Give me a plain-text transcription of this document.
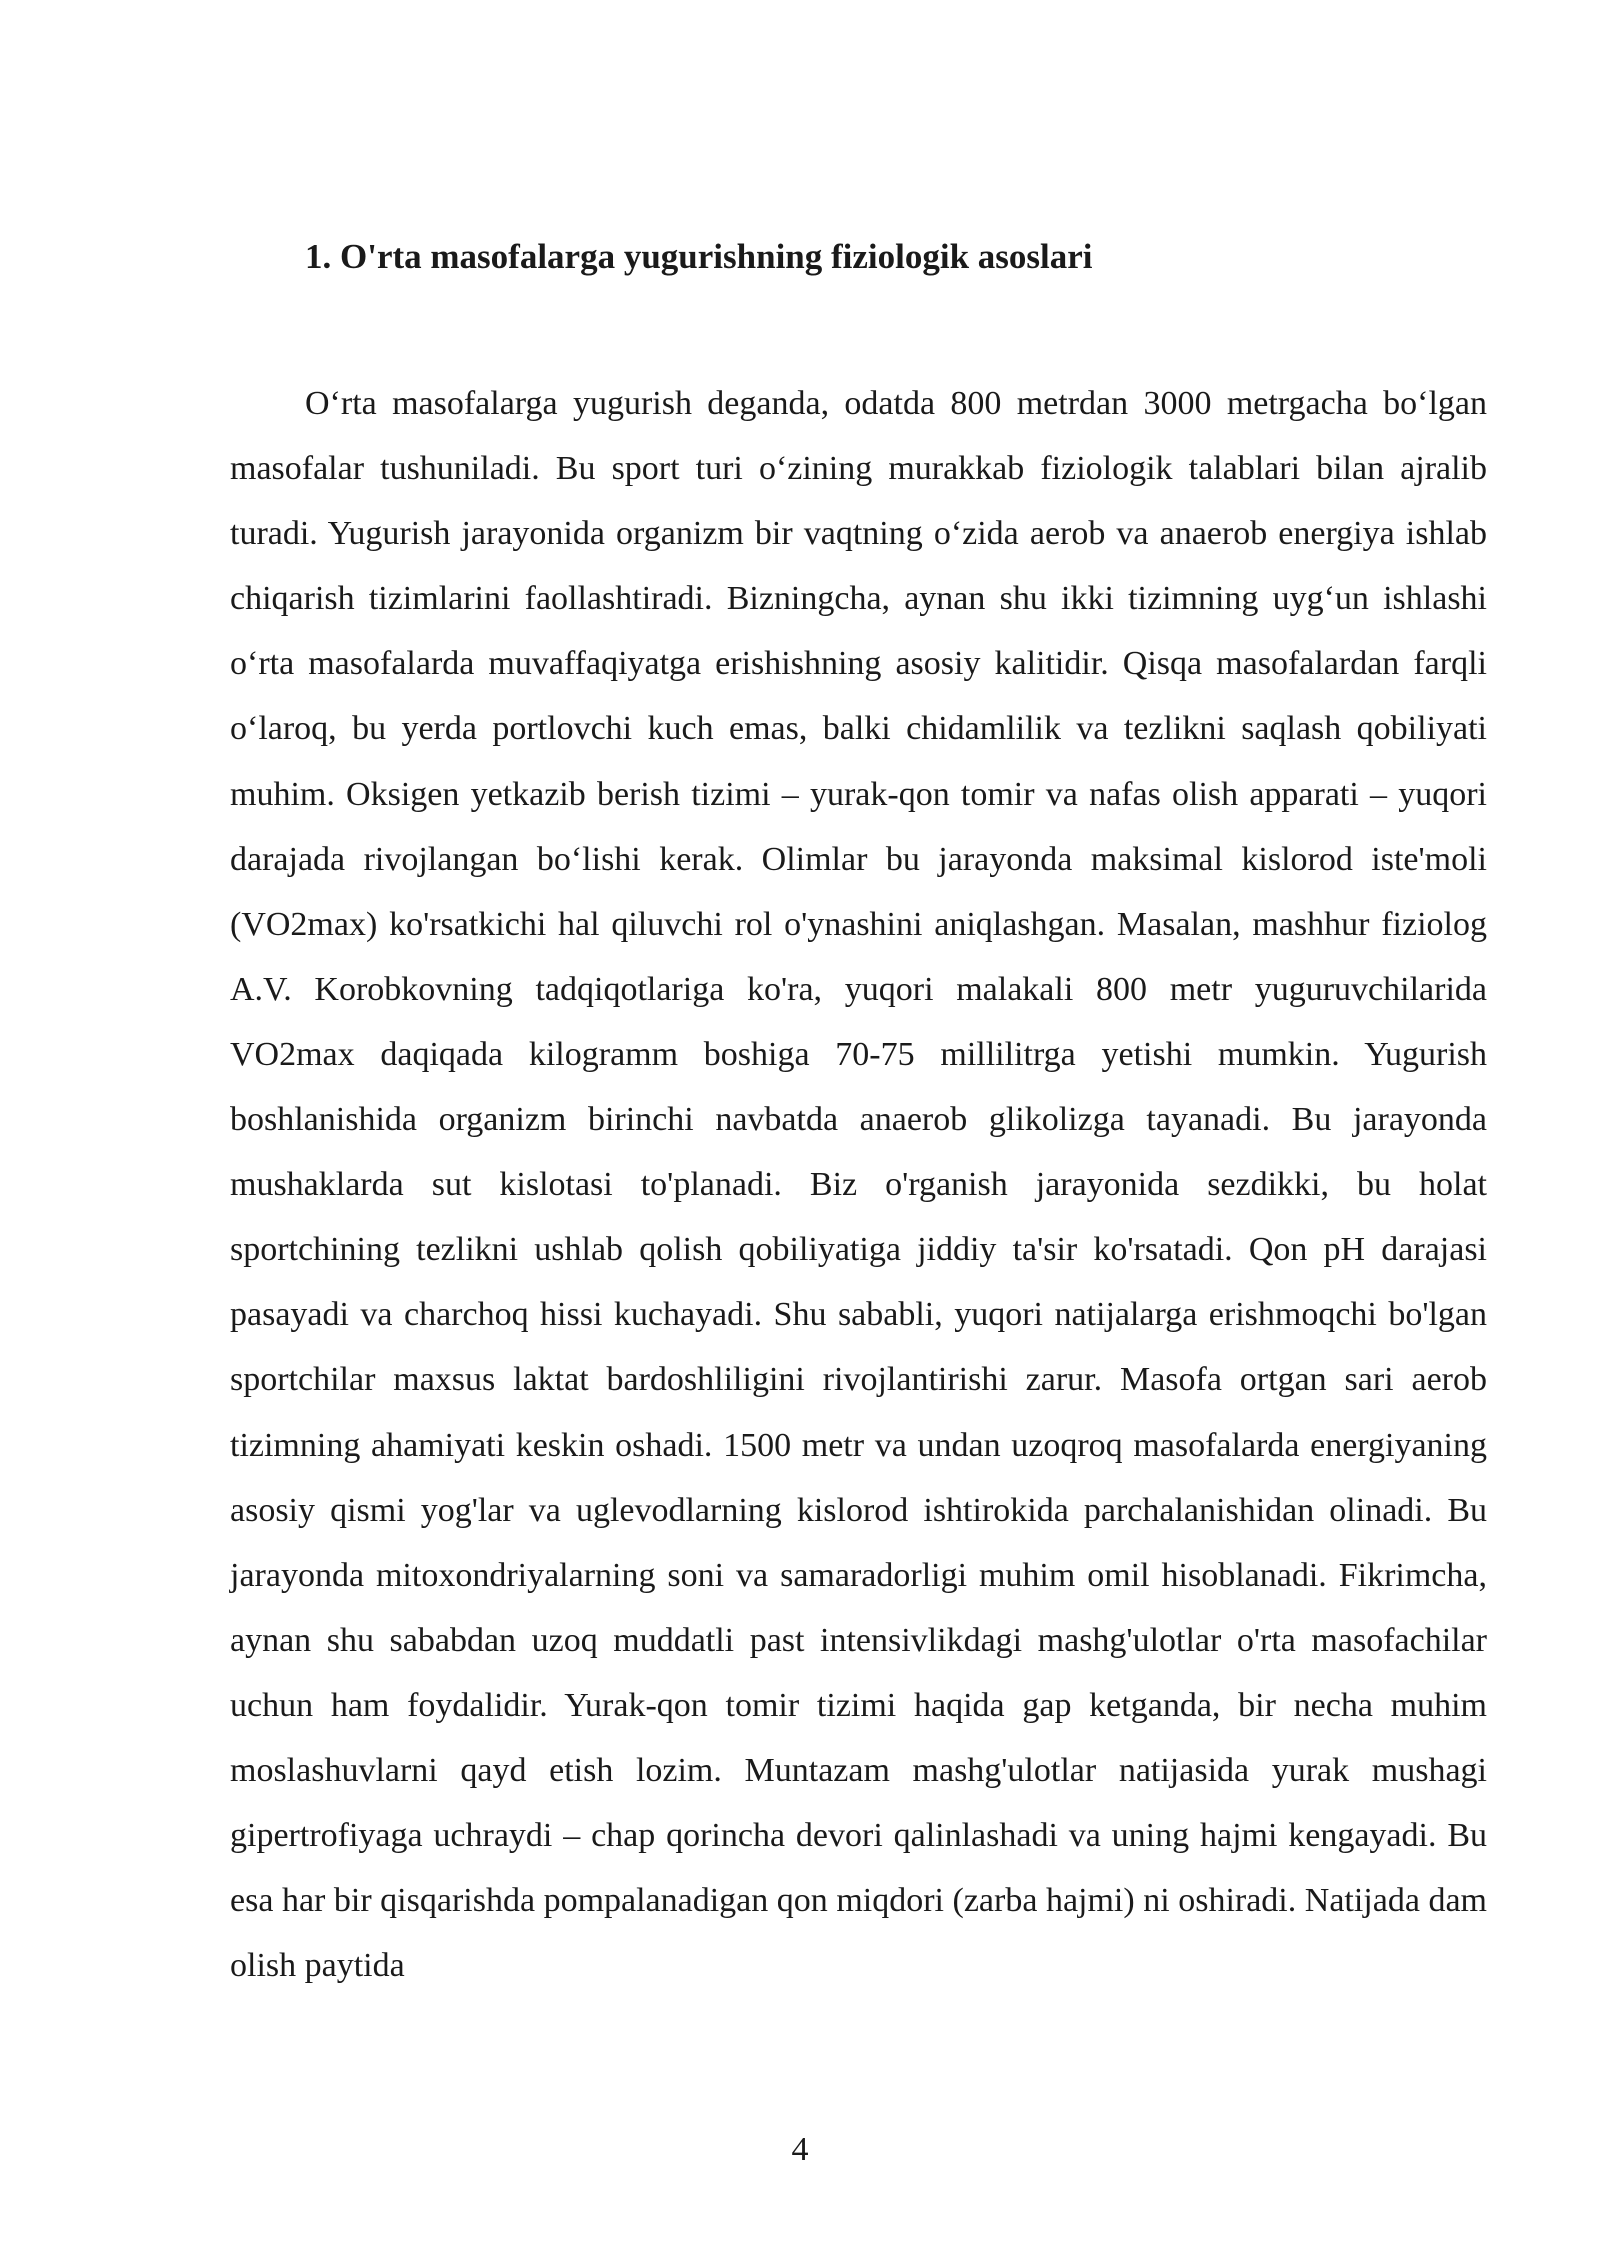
1. O'rta masofalarga yugurishning fiziologik asoslari

O‘rta masofalarga yugurish deganda, odatda 800 metrdan 3000 metrgacha bo‘lgan masofalar tushuniladi. Bu sport turi o‘zining murakkab fiziologik talablari bilan ajralib turadi. Yugurish jarayonida organizm bir vaqtning o‘zida aerob va anaerob energiya ishlab chiqarish tizimlarini faollashtiradi. Bizningcha, aynan shu ikki tizimning uyg‘un ishlashi o‘rta masofalarda muvaffaqiyatga erishishning asosiy kalitidir. Qisqa masofalardan farqli o‘laroq, bu yerda portlovchi kuch emas, balki chidamlilik va tezlikni saqlash qobiliyati muhim. Oksigen yetkazib berish tizimi – yurak-qon tomir va nafas olish apparati – yuqori darajada rivojlangan bo‘lishi kerak. Olimlar bu jarayonda maksimal kislorod iste'moli (VO2max) ko'rsatkichi hal qiluvchi rol o'ynashini aniqlashgan. Masalan, mashhur fiziolog A.V. Korobkovning tadqiqotlariga ko'ra, yuqori malakali 800 metr yuguruvchilarida VO2max daqiqada kilogramm boshiga 70-75 millilitrga yetishi mumkin. Yugurish boshlanishida organizm birinchi navbatda anaerob glikolizga tayanadi. Bu jarayonda mushaklarda sut kislotasi to'planadi. Biz o'rganish jarayonida sezdikki, bu holat sportchining tezlikni ushlab qolish qobiliyatiga jiddiy ta'sir ko'rsatadi. Qon pH darajasi pasayadi va charchoq hissi kuchayadi. Shu sababli, yuqori natijalarga erishmoqchi bo'lgan sportchilar maxsus laktat bardoshliligini rivojlantirishi zarur. Masofa ortgan sari aerob tizimning ahamiyati keskin oshadi. 1500 metr va undan uzoqroq masofalarda energiyaning asosiy qismi yog'lar va uglevodlarning kislorod ishtirokida parchalanishidan olinadi. Bu jarayonda mitoxondriyalarning soni va samaradorligi muhim omil hisoblanadi. Fikrimcha, aynan shu sababdan uzoq muddatli past intensivlikdagi mashg'ulotlar o'rta masofachilar uchun ham foydalidir. Yurak-qon tomir tizimi haqida gap ketganda, bir necha muhim moslashuvlarni qayd etish lozim. Muntazam mashg'ulotlar natijasida yurak mushagi gipertrofiyaga uchraydi – chap qorincha devori qalinlashadi va uning hajmi kengayadi. Bu esa har bir qisqarishda pompalanadigan qon miqdori (zarba hajmi) ni oshiradi. Natijada dam olish paytida

4
